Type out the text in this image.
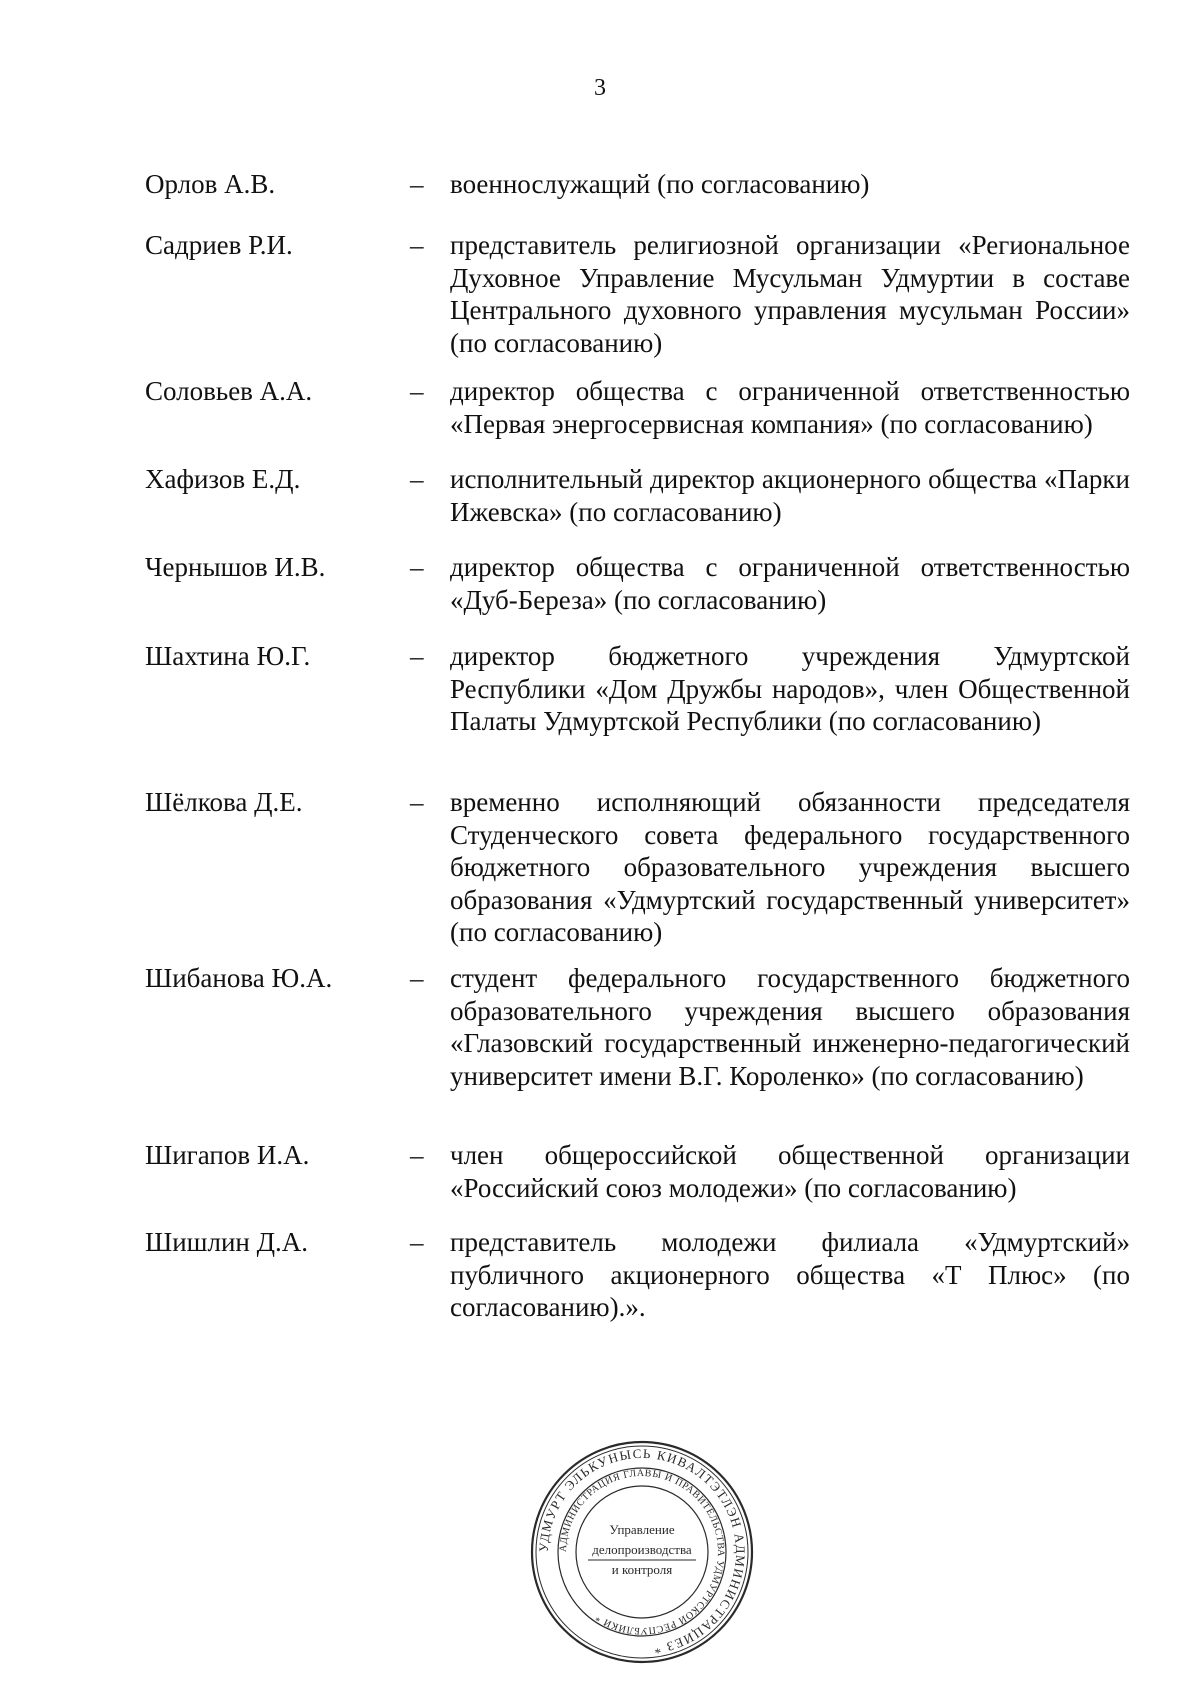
3
Орлов А.В.	– военнослужащий (по согласованию)
Садриев Р.И.	– представитель религиозной организации «Региональное Духовное Управление Мусульман Удмуртии в составе Центрального духовного управления мусульман России» (по согласованию)
Соловьев А.А.	– директор общества с ограниченной ответственностью «Первая энергосервисная компания» (по согласованию)
Хафизов Е.Д.	– исполнительный директор акционерного общества «Парки Ижевска» (по согласованию)
Чернышов И.В.	– директор общества с ограниченной ответственностью «Дуб-Береза» (по согласованию)
Шахтина Ю.Г.	– директор бюджетного учреждения Удмуртской Республики «Дом Дружбы народов», член Общественной Палаты Удмуртской Республики (по согласованию)
Шёлкова Д.Е.	– временно исполняющий обязанности председателя Студенческого совета федерального государственного бюджетного образовательного учреждения высшего образования «Удмуртский государственный университет» (по согласованию)
Шибанова Ю.А.	– студент федерального государственного бюджетного образовательного учреждения высшего образования «Глазовский государственный инженерно-педагогический университет имени В.Г. Короленко» (по согласованию)
Шигапов И.А.	– член общероссийской общественной организации «Российский союз молодежи» (по согласованию)
Шишлин Д.А.	– представитель молодежи филиала «Удмуртский» публичного акционерного общества «Т Плюс» (по согласованию).».
УДМУРТ ЭЛЬКУНЫСЬ КИВАЛТЭТЛЭН АДМИНИСТРАЦИЕЗ *
АДМИНИСТРАЦИЯ ГЛАВЫ И ПРАВИТЕЛЬСТВА УДМУРТСКОЙ РЕСПУБЛИКИ *
Управление
делопроизводства
и контроля
